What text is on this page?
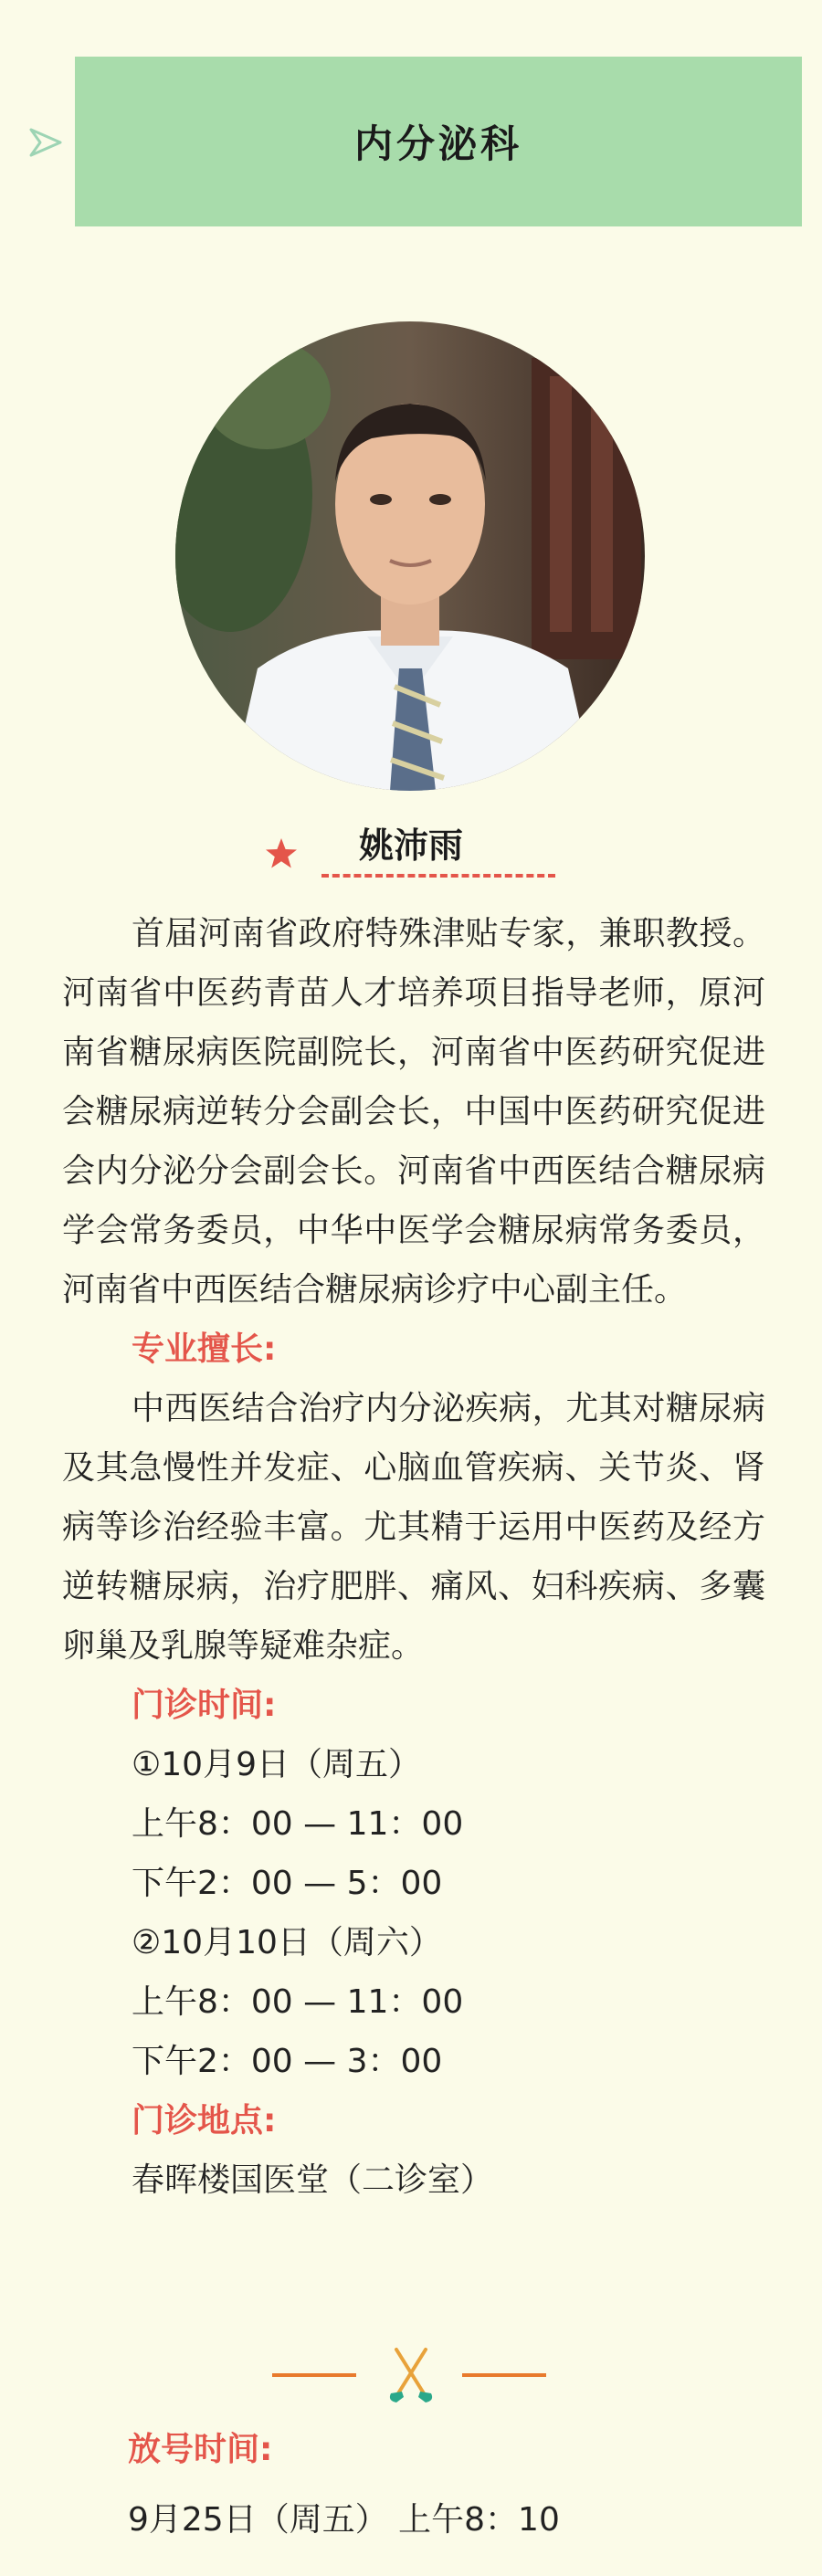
内分泌科
姚沛雨

首届河南省政府特殊津贴专家，兼职教授。河南省中医药青苗人才培养项目指导老师，原河南省糖尿病医院副院长，河南省中医药研究促进会糖尿病逆转分会副会长，中国中医药研究促进会内分泌分会副会长。河南省中西医结合糖尿病学会常务委员，中华中医学会糖尿病常务委员，河南省中西医结合糖尿病诊疗中心副主任。

专业擅长:

中西医结合治疗内分泌疾病，尤其对糖尿病及其急慢性并发症、心脑血管疾病、关节炎、肾病等诊治经验丰富。尤其精于运用中医药及经方逆转糖尿病，治疗肥胖、痛风、妇科疾病、多囊卵巢及乳腺等疑难杂症。

门诊时间:

①10月9日（周五）

上午8：00 — 11：00

下午2：00 — 5：00

②10月10日（周六）

上午8：00 — 11：00

下午2：00 — 3：00

门诊地点:

春晖楼国医堂（二诊室）

放号时间:

9月25日（周五） 上午8：10
